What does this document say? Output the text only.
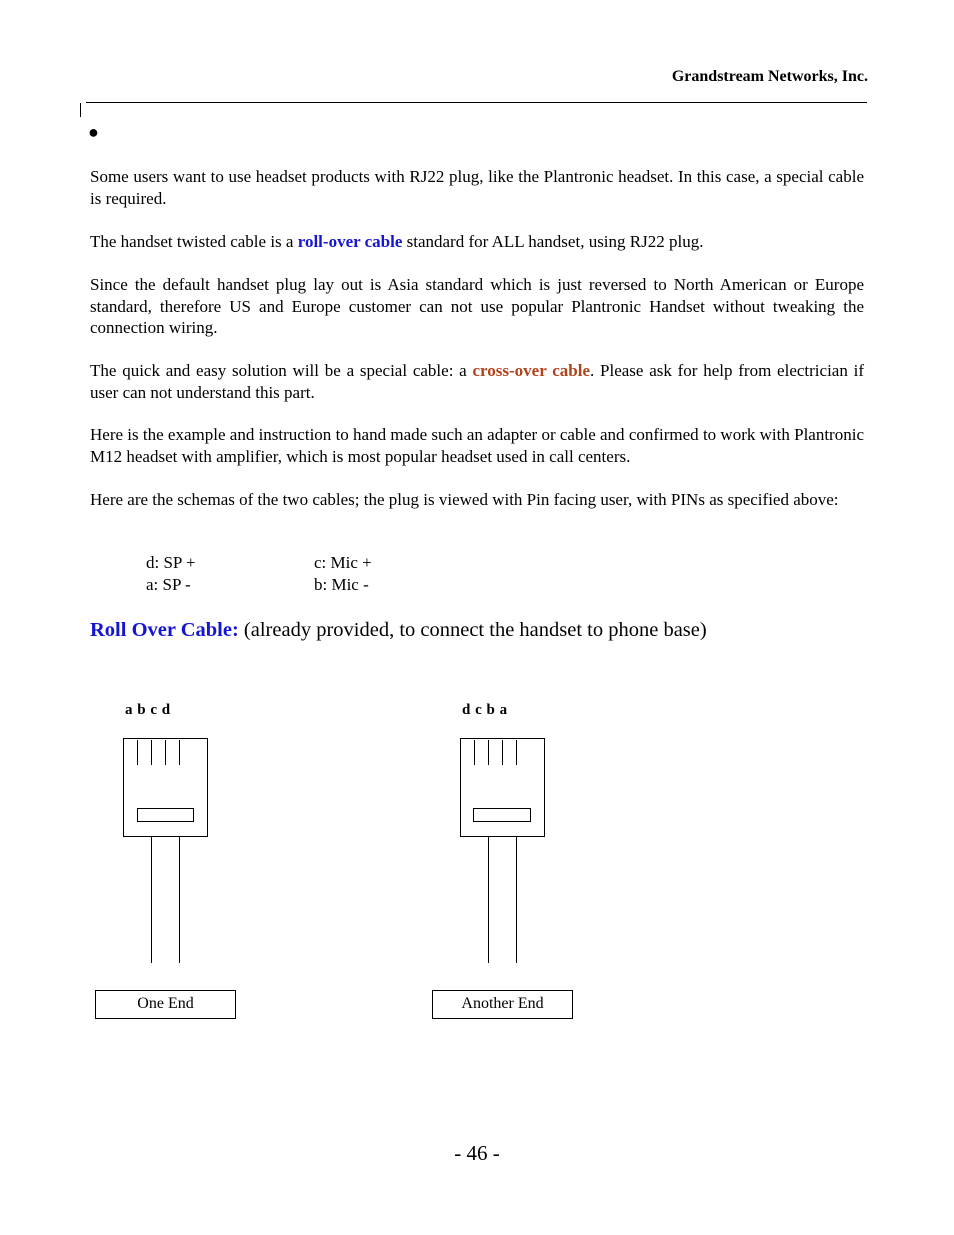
Grandstream Networks, Inc.
●
Some users want to use headset products with RJ22 plug, like the Plantronic headset. In this case, a special cable is required.
The handset twisted cable is a roll-over cable standard for ALL handset, using RJ22 plug.
Since the default handset plug lay out is Asia standard which is just reversed to North American or Europe standard, therefore US and Europe customer can not use popular Plantronic Handset without tweaking the connection wiring.
The quick and easy solution will be a special cable: a cross-over cable. Please ask for help from electrician if user can not understand this part.
Here is the example and instruction to hand made such an adapter or cable and confirmed to work with Plantronic M12 headset with amplifier, which is most popular headset used in call centers.
Here are the schemas of the two cables; the plug is viewed with Pin facing user, with PINs as specified above:
d: SP +	c: Mic +
a: SP -	b: Mic -
Roll Over Cable: (already provided, to connect the handset to phone base)
a b c d	d c b a
One End	Another End
- 46 -
